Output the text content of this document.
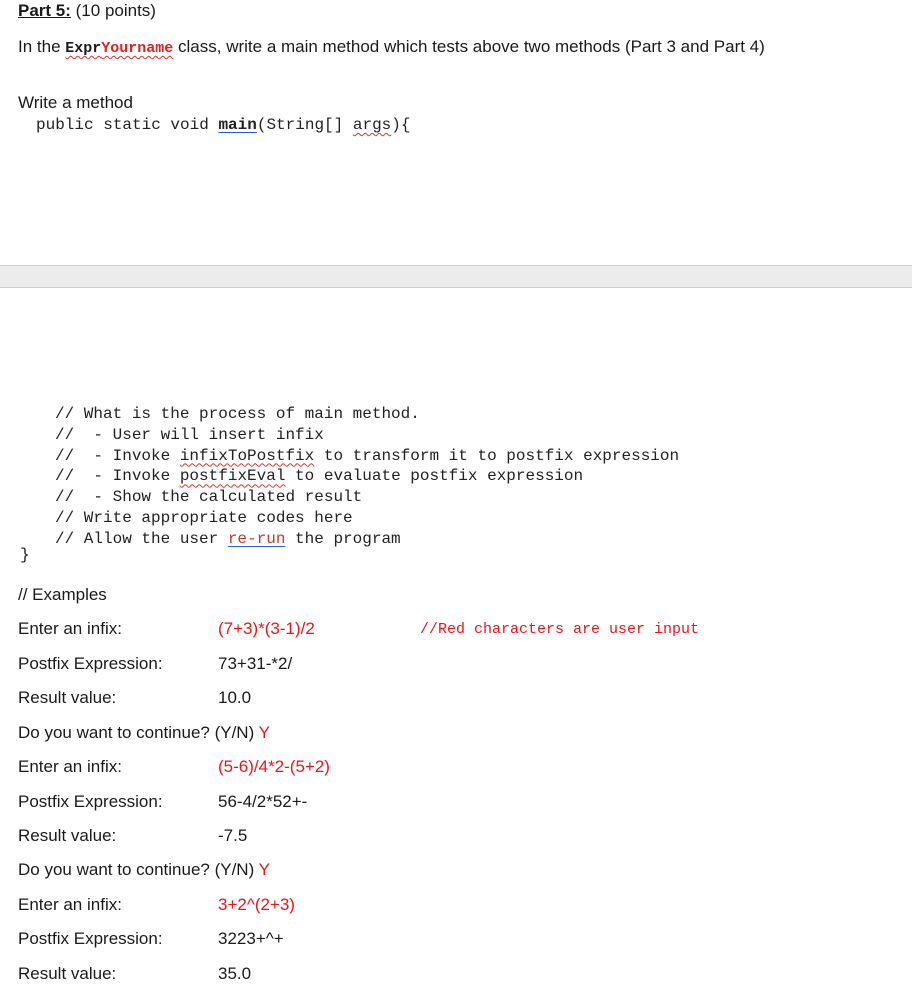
Part 5: (10 points)
In the ExprYourname class, write a main method which tests above two methods (Part 3 and Part 4)
Write a method
public static void main(String[] args){
// What is the process of main method.
//  - User will insert infix
//  - Invoke infixToPostfix to transform it to postfix expression
//  - Invoke postfixEval to evaluate postfix expression
//  - Show the calculated result
// Write appropriate codes here
// Allow the user re-run the program
}
// Examples
Enter an infix:	(7+3)*(3-1)/2	//Red characters are user input
Postfix Expression:	73+31-*2/
Result value:	10.0
Do you want to continue? (Y/N) Y
Enter an infix:	(5-6)/4*2-(5+2)
Postfix Expression:	56-4/2*52+-
Result value:	-7.5
Do you want to continue? (Y/N) Y
Enter an infix:	3+2^(2+3)
Postfix Expression:	3223+^+
Result value:	35.0
